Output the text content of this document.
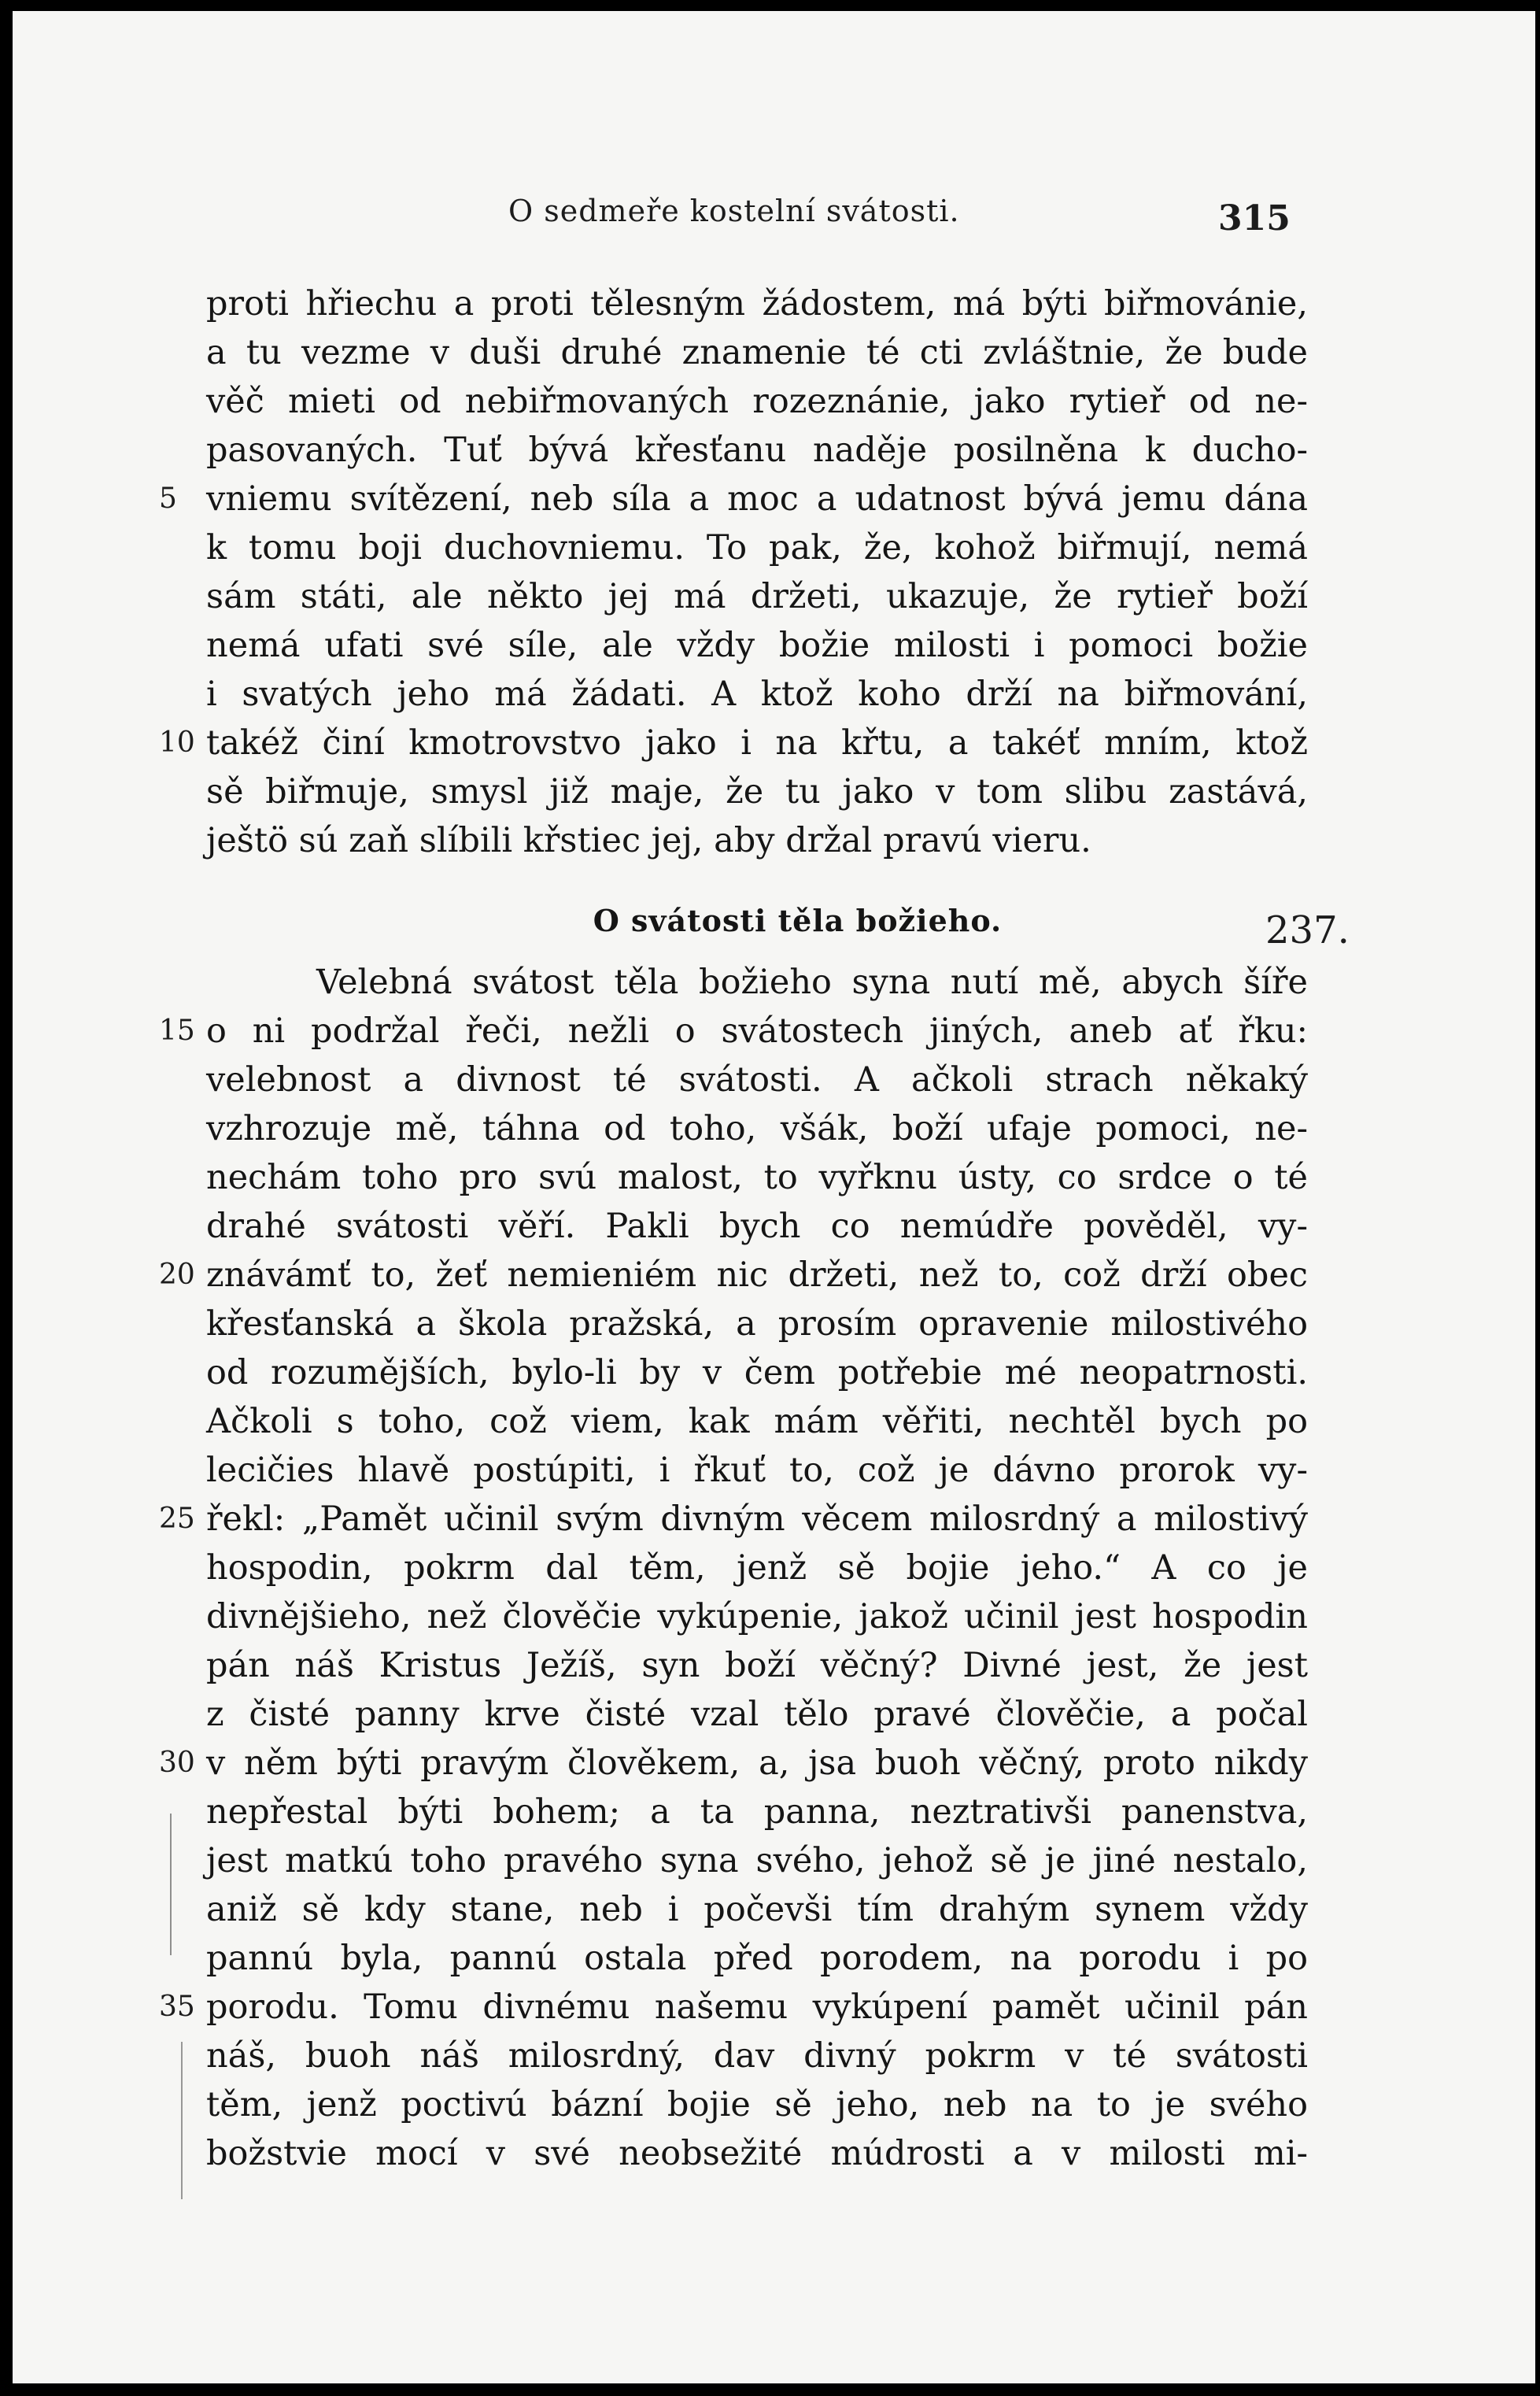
O sedmeře kostelní svátosti.	315
proti hřiechu a proti tělesným žádostem, má býti biřmovánie,
a tu vezme v duši druhé znamenie té cti zvláštnie, že bude
věč mieti od nebiřmovaných rozeznánie, jako rytieř od ne-
pasovaných. Tuť bývá křesťanu naděje posilněna k ducho-
vniemu svítězení, neb síla a moc a udatnost bývá jemu dána
k tomu boji duchovniemu. To pak, že, kohož biřmují, nemá
sám státi, ale někto jej má držeti, ukazuje, že rytieř boží
nemá ufati své síle, ale vždy božie milosti i pomoci božie
i svatých jeho má žádati. A ktož koho drží na biřmování,
takéž činí kmotrovstvo jako i na křtu, a takéť mním, ktož
sě biřmuje, smysl již maje, že tu jako v tom slibu zastává,
ještö sú zaň slíbili křstiec jej, aby držal pravú vieru.
O svátosti těla božieho.	237.
Velebná svátost těla božieho syna nutí mě, abych šíře
o ni podržal řeči, nežli o svátostech jiných, aneb ať řku:
velebnost a divnost té svátosti. A ačkoli strach někaký
vzhrozuje mě, táhna od toho, všák, boží ufaje pomoci, ne-
nechám toho pro svú malost, to vyřknu ústy, co srdce o té
drahé svátosti věří. Pakli bych co nemúdře pověděl, vy-
znávámť to, žeť nemieniém nic držeti, než to, což drží obec
křesťanská a škola pražská, a prosím opravenie milostivého
od rozumějších, bylo-li by v čem potřebie mé neopatrnosti.
Ačkoli s toho, což viem, kak mám věřiti, nechtěl bych po
lecičies hlavě postúpiti, i řkuť to, což je dávno prorok vy-
řekl: „Pamět učinil svým divným věcem milosrdný a milostivý
hospodin, pokrm dal těm, jenž sě bojie jeho.“ A co je
divnějšieho, než člověčie vykúpenie, jakož učinil jest hospodin
pán náš Kristus Ježíš, syn boží věčný? Divné jest, že jest
z čisté panny krve čisté vzal tělo pravé člověčie, a počal
v něm býti pravým člověkem, a, jsa buoh věčný, proto nikdy
nepřestal býti bohem; a ta panna, neztrativši panenstva,
jest matkú toho pravého syna svého, jehož sě je jiné nestalo,
aniž sě kdy stane, neb i počevši tím drahým synem vždy
pannú byla, pannú ostala před porodem, na porodu i po
porodu. Tomu divnému našemu vykúpení pamět učinil pán
náš, buoh náš milosrdný, dav divný pokrm v té svátosti
těm, jenž poctivú bázní bojie sě jeho, neb na to je svého
božstvie mocí v své neobsežité múdrosti a v milosti mi-
5
10
15
20
25
30
35
